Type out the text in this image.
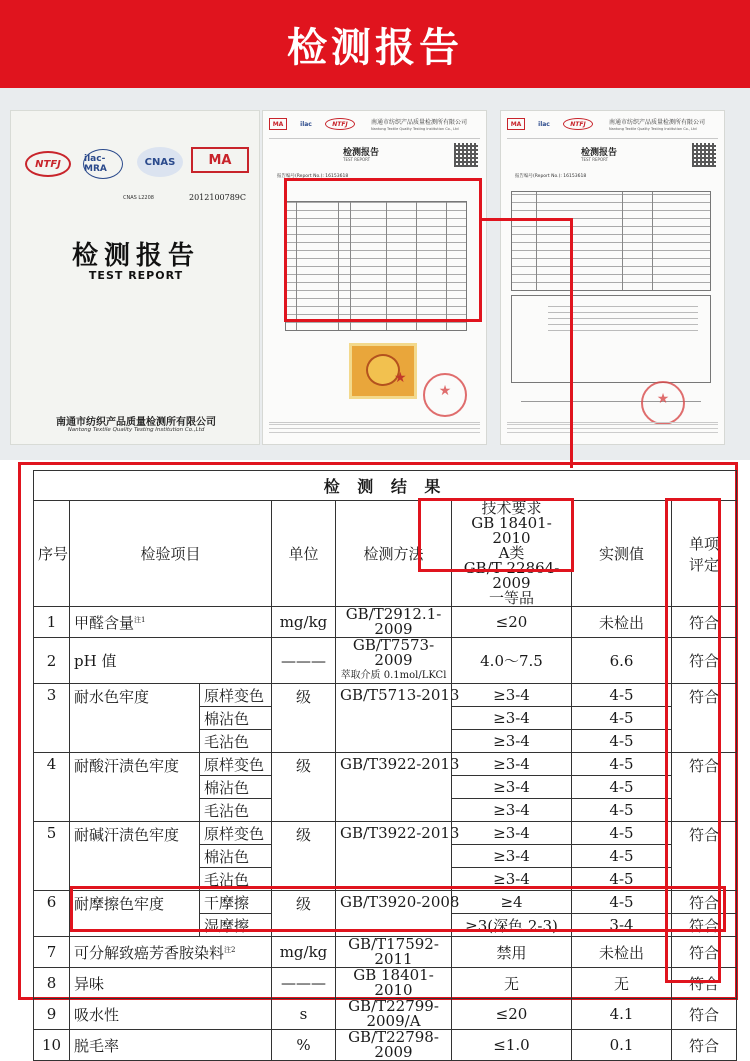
检测报告
NTFJ	ilac-MRA
CNAS	MA
CNAS L2208	2012100789C
检测报告
TEST REPORT
南通市纺织产品质量检测所有限公司
Nantong Textile Quality Testing Institution Co.,Ltd
MA	ilac	NTFJ	南通市纺织产品质量检测所有限公司
Nantong Textile Quality Testing Institution Co., Ltd
检测报告
TEST REPORT
报告编号(Report No.): 16153618
★
★
MA	ilac	NTFJ	南通市纺织产品质量检测所有限公司
Nantong Textile Quality Testing Institution Co., Ltd
检测报告
TEST REPORT
报告编号(Report No.): 16153618
★
检 测 结 果							
序号	检验项目		单位	检测方法	技术要求
GB 18401-2010
A类
GB/T 22864-2009
一等品	实测值	单项
评定
1	甲醛含量$^{注1}$		mg/kg	GB/T2912.1-2009	≤20	未检出	符合
2	pH 值		———	GB/T7573-2009
萃取介质 0.1mol/LKCl	4.0～7.5	6.6	符合
3	耐水色牢度	原样变色	级	GB/T5713-2013	≥3-4	4-5	符合
		棉沾色			≥3-4	4-5	
		毛沾色			≥3-4	4-5	
4	耐酸汗渍色牢度	原样变色	级	GB/T3922-2013	≥3-4	4-5	符合
		棉沾色			≥3-4	4-5	
		毛沾色			≥3-4	4-5	
5	耐碱汗渍色牢度	原样变色	级	GB/T3922-2013	≥3-4	4-5	符合
		棉沾色			≥3-4	4-5	
		毛沾色			≥3-4	4-5	
6	耐摩擦色牢度	干摩擦	级	GB/T3920-2008	≥4	4-5	符合
		湿摩擦			≥3(深色 2-3)	3-4	符合
7	可分解致癌芳香胺染料$^{注2}$		mg/kg	GB/T17592-2011	禁用	未检出	符合
8	异味		———	GB 18401-2010	无	无	符合
9	吸水性		s	GB/T22799-2009/A	≤20	4.1	符合
10	脱毛率		%	GB/T22798-2009	≤1.0	0.1	符合
